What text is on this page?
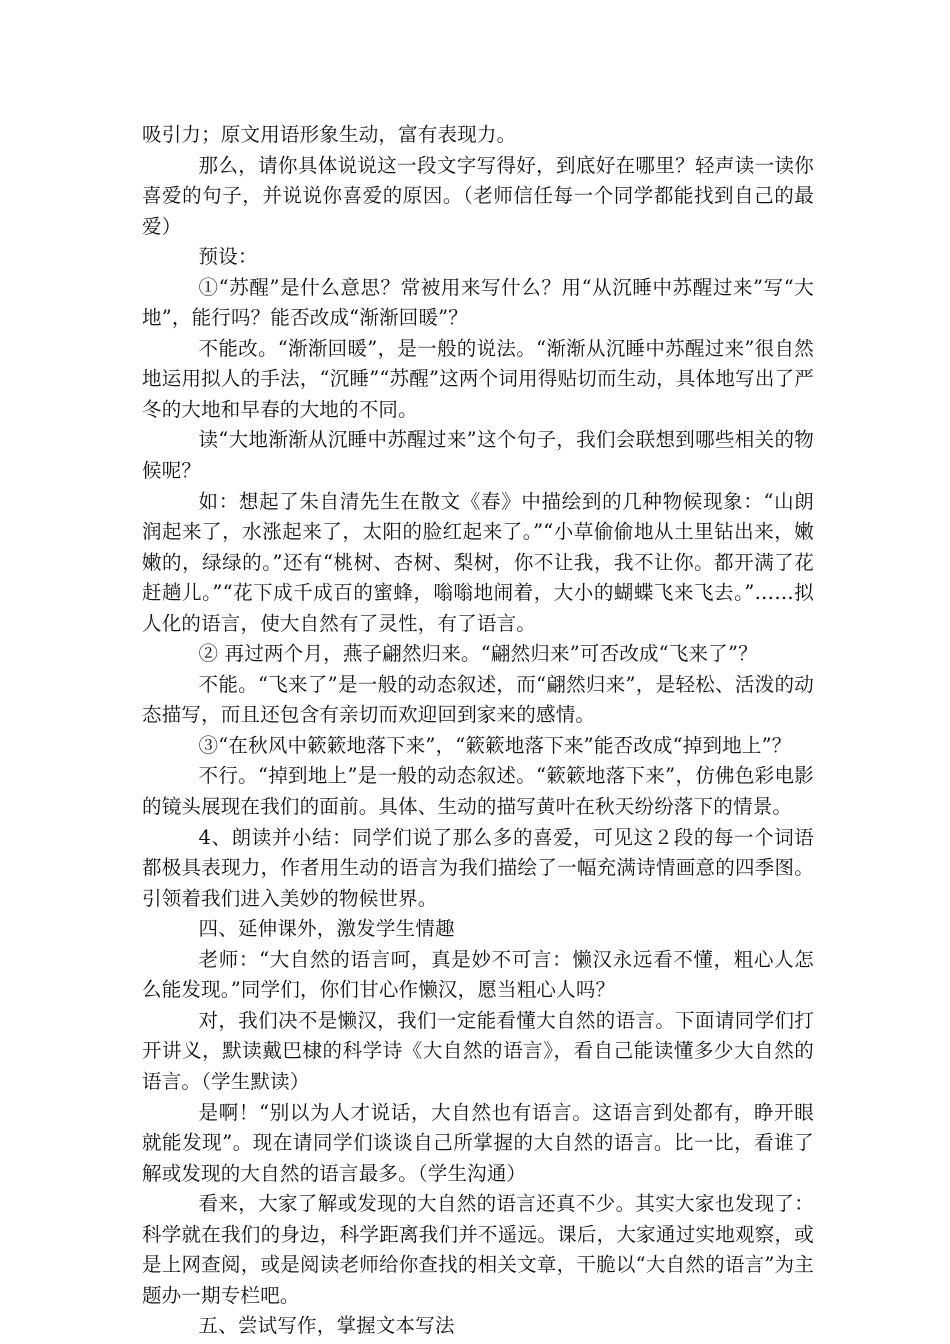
吸引力；原文用语形象生动，富有表现力。

那么，请你具体说说这一段文字写得好，到底好在哪里？轻声读一读你喜爱的句子，并说说你喜爱的原因。（老师信任每一个同学都能找到自己的最爱）

预设：

①“苏醒”是什么意思？常被用来写什么？用“从沉睡中苏醒过来”写“大地”，能行吗？能否改成“渐渐回暖”？

不能改。“渐渐回暖”，是一般的说法。“渐渐从沉睡中苏醒过来”很自然地运用拟人的手法，“沉睡”“苏醒”这两个词用得贴切而生动，具体地写出了严冬的大地和早春的大地的不同。

读“大地渐渐从沉睡中苏醒过来”这个句子，我们会联想到哪些相关的物候呢？

如：想起了朱自清先生在散文《春》中描绘到的几种物候现象：“山朗润起来了，水涨起来了，太阳的脸红起来了。”“小草偷偷地从土里钻出来，嫩嫩的，绿绿的。”还有“桃树、杏树、梨树，你不让我，我不让你。都开满了花赶趟儿。”“花下成千成百的蜜蜂，嗡嗡地闹着，大小的蝴蝶飞来飞去。”……拟人化的语言，使大自然有了灵性，有了语言。

② 再过两个月，燕子翩然归来。“翩然归来”可否改成“飞来了”？

不能。“飞来了”是一般的动态叙述，而“翩然归来”，是轻松、活泼的动态描写，而且还包含有亲切而欢迎回到家来的感情。

③“在秋风中簌簌地落下来”，“簌簌地落下来”能否改成“掉到地上”？

不行。“掉到地上”是一般的动态叙述。“簌簌地落下来”，仿佛色彩电影的镜头展现在我们的面前。具体、生动的描写黄叶在秋天纷纷落下的情景。

4、朗读并小结：同学们说了那么多的喜爱，可见这２段的每一个词语都极具表现力，作者用生动的语言为我们描绘了一幅充满诗情画意的四季图。引领着我们进入美妙的物候世界。

四、延伸课外，激发学生情趣

老师：“大自然的语言呵，真是妙不可言：懒汉永远看不懂，粗心人怎么能发现。”同学们，你们甘心作懒汉，愿当粗心人吗？

对，我们决不是懒汉，我们一定能看懂大自然的语言。下面请同学们打开讲义，默读戴巴棣的科学诗《大自然的语言》，看自己能读懂多少大自然的语言。（学生默读）

是啊！“别以为人才说话，大自然也有语言。这语言到处都有，睁开眼就能发现”。现在请同学们谈谈自己所掌握的大自然的语言。比一比，看谁了解或发现的大自然的语言最多。（学生沟通）

看来，大家了解或发现的大自然的语言还真不少。其实大家也发现了：科学就在我们的身边，科学距离我们并不遥远。课后，大家通过实地观察，或是上网查阅，或是阅读老师给你查找的相关文章，干脆以“大自然的语言”为主题办一期专栏吧。

五、尝试写作，掌握文本写法
